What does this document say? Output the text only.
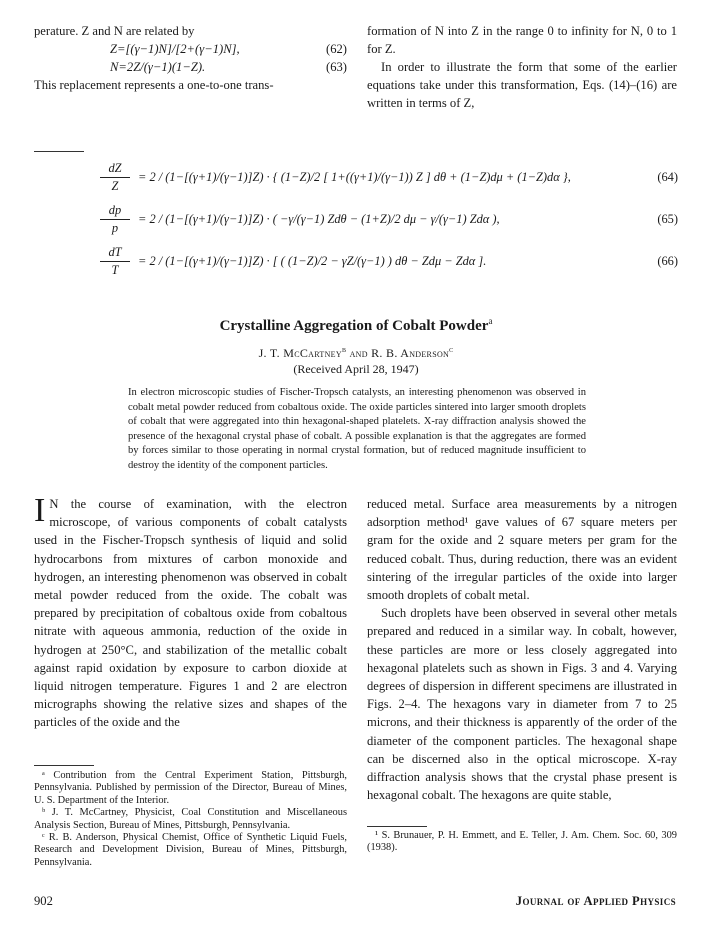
perature. Z and N are related by

Z=[(γ−1)N]/[2+(γ−1)N],	(62)
N=2Z/(γ−1)(1−Z).	(63)

This replacement represents a one-to-one trans-

formation of N into Z in the range 0 to infinity for N, 0 to 1 for Z.

In order to illustrate the form that some of the earlier equations take under this transformation, Eqs. (14)–(16) are written in terms of Z,

dZ
Z
= 2 / (1−[(γ+1)/(γ−1)]Z) · { (1−Z)/2 [ 1+((γ+1)/(γ−1)) Z ] dθ + (1−Z)dμ + (1−Z)dα },	(64)
dp
p
= 2 / (1−[(γ+1)/(γ−1)]Z) · ( −γ/(γ−1) Zdθ − (1+Z)/2 dμ − γ/(γ−1) Zdα ),	(65)
dT
T
= 2 / (1−[(γ+1)/(γ−1)]Z) · [ ( (1−Z)/2 − γZ/(γ−1) ) dθ − Zdμ − Zdα ].	(66)
Crystalline Aggregation of Cobalt Powder$^a$
J. T. McCartney$^b$ and R. B. Anderson$^c$
(Received April 28, 1947)

In electron microscopic studies of Fischer-Tropsch catalysts, an interesting phenomenon was observed in cobalt metal powder reduced from cobaltous oxide. The oxide particles sintered into larger smooth droplets of cobalt that were aggregated into thin hexagonal-shaped platelets. X-ray diffraction analysis showed the presence of the hexagonal crystal phase of cobalt. A possible explanation is that the aggregates are formed by forces similar to those operating in normal crystal formation, but of reduced magnitude insufficient to destroy the identity of the component particles.

I N the course of examination, with the electron microscope, of various components of cobalt catalysts used in the Fischer-Tropsch synthesis of liquid and solid hydrocarbons from mixtures of carbon monoxide and hydrogen, an interesting phenomenon was observed in cobalt metal powder reduced from the oxide. The cobalt was prepared by precipitation of cobaltous oxide from cobaltous nitrate with aqueous ammonia, reduction of the oxide in hydrogen at 250°C, and stabilization of the metallic cobalt against rapid oxidation by exposure to carbon dioxide at liquid nitrogen temperature. Figures 1 and 2 are electron micrographs showing the relative sizes and shapes of the particles of the oxide and the

reduced metal. Surface area measurements by a nitrogen adsorption method¹ gave values of 67 square meters per gram for the oxide and 2 square meters per gram for the reduced cobalt. Thus, during reduction, there was an evident sintering of the irregular particles of the oxide into larger smooth droplets of cobalt metal.

Such droplets have been observed in several other metals prepared and reduced in a similar way. In cobalt, however, these particles are more or less closely aggregated into hexagonal platelets such as shown in Figs. 3 and 4. Varying degrees of dispersion in different specimens are illustrated in Figs. 2–4. The hexagons vary in diameter from 7 to 25 microns, and their thickness is apparently of the order of the diameter of the component particles. The hexagonal shape can be discerned also in the optical microscope. X-ray diffraction analysis shows that the crystal phase present is hexagonal cobalt. The hexagons are quite stable,

ᵃ Contribution from the Central Experiment Station, Pittsburgh, Pennsylvania. Published by permission of the Director, Bureau of Mines, U. S. Department of the Interior.

ᵇ J. T. McCartney, Physicist, Coal Constitution and Miscellaneous Analysis Section, Bureau of Mines, Pittsburgh, Pennsylvania.

ᶜ R. B. Anderson, Physical Chemist, Office of Synthetic Liquid Fuels, Research and Development Division, Bureau of Mines, Pittsburgh, Pennsylvania.

¹ S. Brunauer, P. H. Emmett, and E. Teller, J. Am. Chem. Soc. 60, 309 (1938).

902	Journal of Applied Physics
